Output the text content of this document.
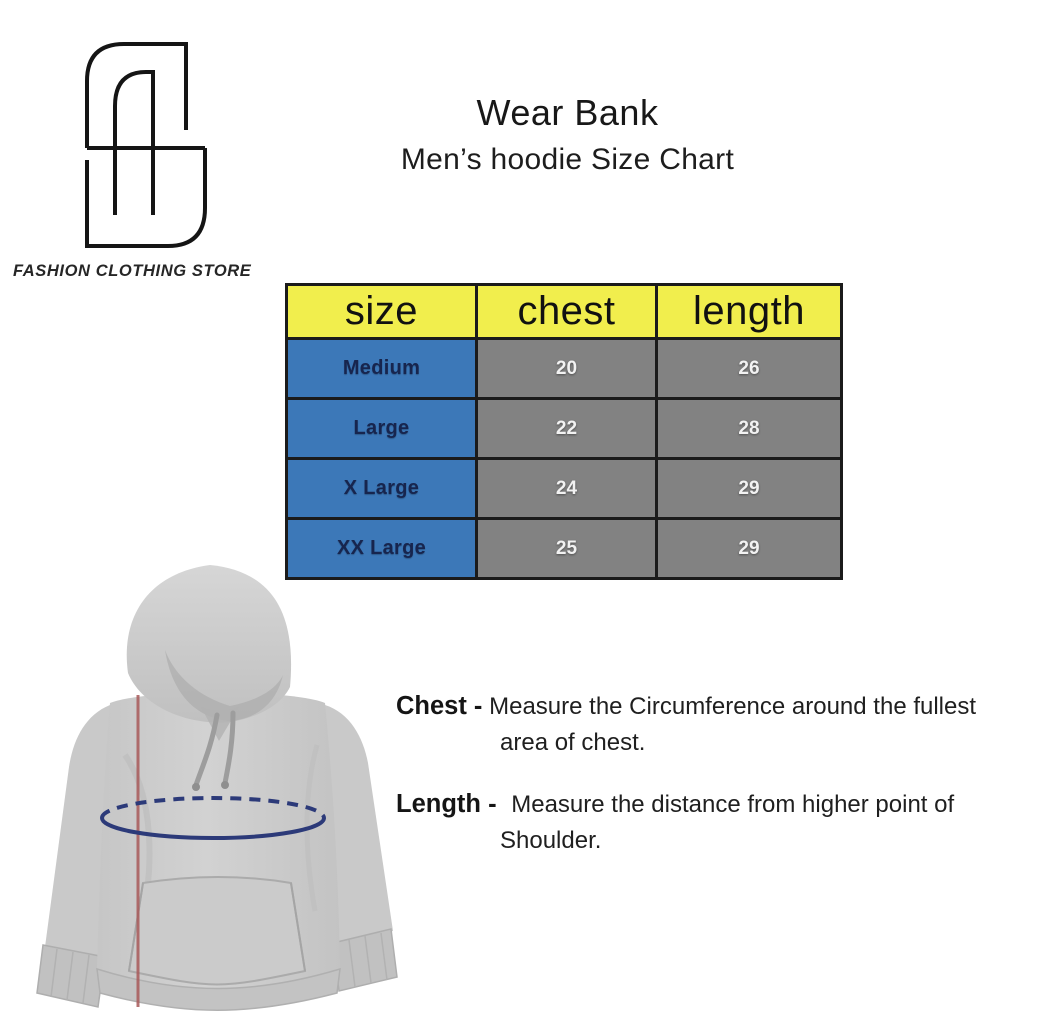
FASHION CLOTHING STORE
Wear Bank
Men’s hoodie Size Chart
size	chest	length
Medium	20	26
Large	22	28
X Large	24	29
XX Large	25	29
Chest - Measure the Circumference around the fullest
area of chest.
Length - Measure the distance from higher point of
Shoulder.
